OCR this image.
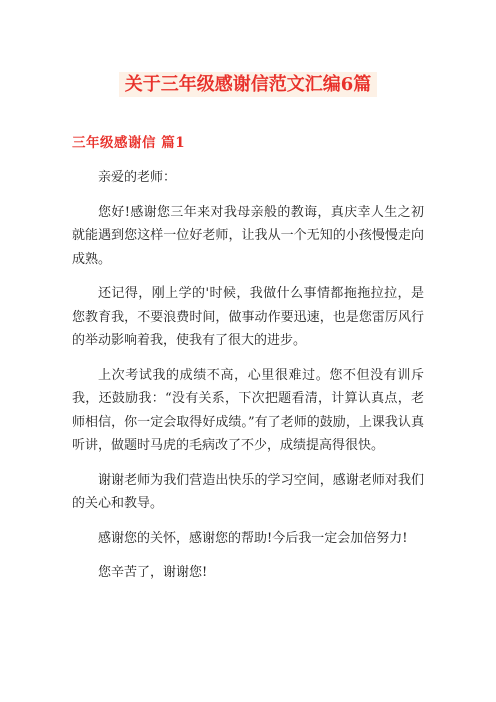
关于三年级感谢信范文汇编6篇
三年级感谢信 篇1

亲爱的老师：

您好!感谢您三年来对我母亲般的教诲，真庆幸人生之初就能遇到您这样一位好老师，让我从一个无知的小孩慢慢走向成熟。

还记得，刚上学的'时候，我做什么事情都拖拖拉拉，是您教育我，不要浪费时间，做事动作要迅速，也是您雷厉风行的举动影响着我，使我有了很大的进步。

上次考试我的成绩不高，心里很难过。您不但没有训斥我，还鼓励我：“没有关系，下次把题看清，计算认真点，老师相信，你一定会取得好成绩。”有了老师的鼓励，上课我认真听讲，做题时马虎的毛病改了不少，成绩提高得很快。

谢谢老师为我们营造出快乐的学习空间，感谢老师对我们的关心和教导。

感谢您的关怀，感谢您的帮助!今后我一定会加倍努力!

您辛苦了，谢谢您!
